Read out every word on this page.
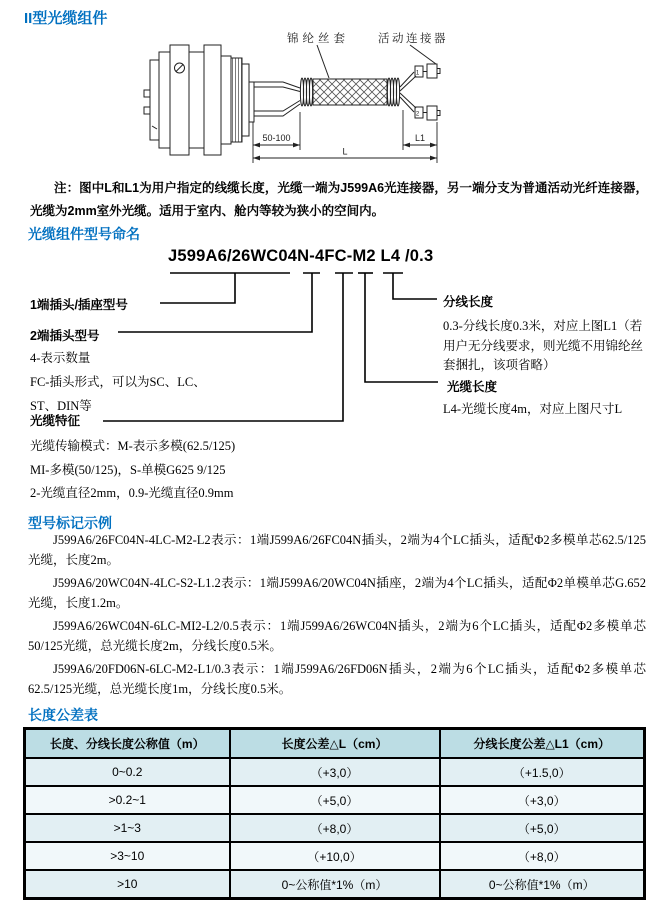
II型光缆组件
1
2
锦纶丝套	活动连接器
50-100	L1
L

注：图中L和L1为用户指定的线缆长度，光缆一端为J599A6光连接器，另一端分支为普通活动光纤连接器，光缆为2mm室外光缆。适用于室内、舱内等较为狭小的空间内。

光缆组件型号命名
J599A6/26WC04N-4FC-M2 L4 /0.3
1端插头/插座型号
2端插头型号
4-表示数量
FC-插头形式，可以为SC、LC、
ST、DIN等
光缆特征
光缆传输模式：M-表示多模(62.5/125)
MI-多模(50/125)，S-单模G625 9/125
2-光缆直径2mm，0.9-光缆直径0.9mm
分线长度
0.3-分线长度0.3米，对应上图L1（若
用户无分线要求，则光缆不用锦纶丝
套捆扎，该项省略）
光缆长度
L4-光缆长度4m，对应上图尺寸L
型号标记示例

J599A6/26FC04N-4LC-M2-L2表示：1端J599A6/26FC04N插头，2端为4个LC插头，适配Φ2多模单芯62.5/125光缆，长度2m。

J599A6/20WC04N-4LC-S2-L1.2表示：1端J599A6/20WC04N插座，2端为4个LC插头，适配Φ2单模单芯G.652光缆，长度1.2m。

J599A6/26WC04N-6LC-MI2-L2/0.5表示：1端J599A6/26WC04N插头，2端为6个LC插头，适配Φ2多模单芯50/125光缆，总光缆长度2m，分线长度0.5米。

J599A6/20FD06N-6LC-M2-L1/0.3表示：1端J599A6/26FD06N插头，2端为6个LC插头，适配Φ2多模单芯62.5/125光缆，总光缆长度1m，分线长度0.5米。

长度公差表
长度、分线长度公称值（m）	长度公差△L（cm）	分线长度公差△L1（cm）
0~0.2	（+3,0）	（+1.5,0）
>0.2~1	（+5,0）	（+3,0）
>1~3	（+8,0）	（+5,0）
>3~10	（+10,0）	（+8,0）
>10	0~公称值*1%（m）	0~公称值*1%（m）
